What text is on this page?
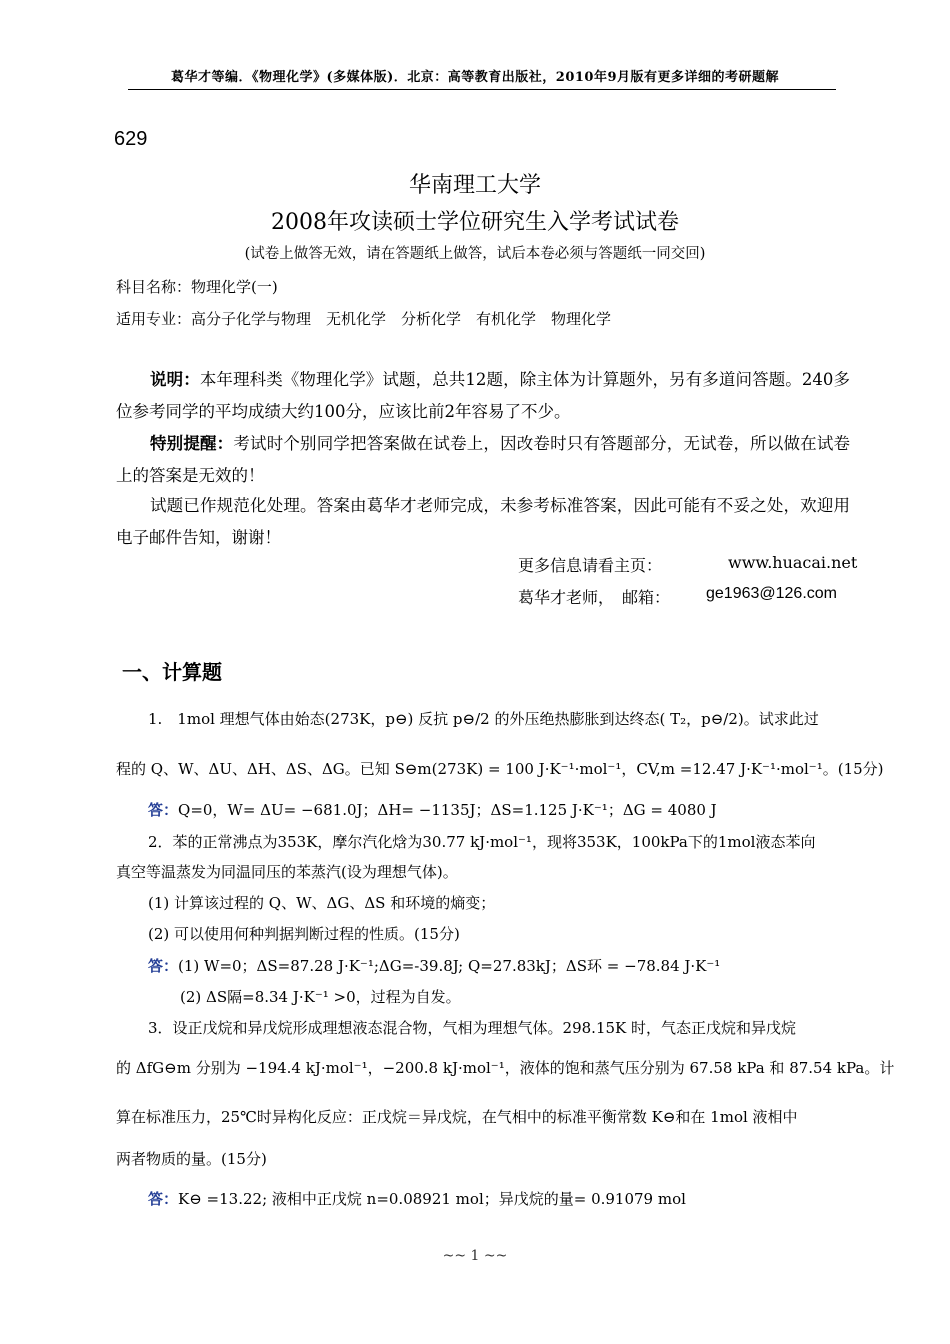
葛华才等编．《物理化学》(多媒体版)．北京：高等教育出版社，2010年9月版有更多详细的考研题解
629
华南理工大学
2008年攻读硕士学位研究生入学考试试卷
(试卷上做答无效，请在答题纸上做答，试后本卷必须与答题纸一同交回)
科目名称：物理化学(一)
适用专业：高分子化学与物理　无机化学　分析化学　有机化学　物理化学
说明：本年理科类《物理化学》试题，总共12题，除主体为计算题外，另有多道问答题。240多位参考同学的平均成绩大约100分，应该比前2年容易了不少。
特别提醒：考试时个别同学把答案做在试卷上，因改卷时只有答题部分，无试卷，所以做在试卷上的答案是无效的！
试题已作规范化处理。答案由葛华才老师完成，未参考标准答案，因此可能有不妥之处，欢迎用电子邮件告知，谢谢！
更多信息请看主页：	www.huacai.net
葛华才老师，　邮箱： ge1963@126.com
一、计算题
1.　1mol 理想气体由始态(273K，p⊖) 反抗 p⊖/2 的外压绝热膨胀到达终态( T₂，p⊖/2)。试求此过
程的 Q、W、ΔU、ΔH、ΔS、ΔG。已知 S⊖m(273K) = 100 J·K⁻¹·mol⁻¹，CV,m =12.47 J·K⁻¹·mol⁻¹。(15分)
答：Q=0，W= ΔU= −681.0J；ΔH= −1135J；ΔS=1.125 J·K⁻¹；ΔG = 4080 J
2．苯的正常沸点为353K，摩尔汽化焓为30.77 kJ·mol⁻¹，现将353K，100kPa下的1mol液态苯向
真空等温蒸发为同温同压的苯蒸汽(设为理想气体)。
(1) 计算该过程的 Q、W、ΔG、ΔS 和环境的熵变；
(2) 可以使用何种判据判断过程的性质。(15分)
答：(1) W=0；ΔS=87.28 J·K⁻¹;ΔG=-39.8J; Q=27.83kJ；ΔS环 = −78.84 J·K⁻¹
(2) ΔS隔=8.34 J·K⁻¹ >0，过程为自发。
3．设正戊烷和异戊烷形成理想液态混合物，气相为理想气体。298.15K 时，气态正戊烷和异戊烷
的 ΔfG⊖m 分别为 −194.4 kJ·mol⁻¹，−200.8 kJ·mol⁻¹，液体的饱和蒸气压分别为 67.58 kPa 和 87.54 kPa。计
算在标准压力，25℃时异构化反应：正戊烷＝异戊烷，在气相中的标准平衡常数 K⊖和在 1mol 液相中
两者物质的量。(15分)
答：K⊖ =13.22; 液相中正戊烷 n=0.08921 mol；异戊烷的量= 0.91079 mol
~~ 1 ~~
